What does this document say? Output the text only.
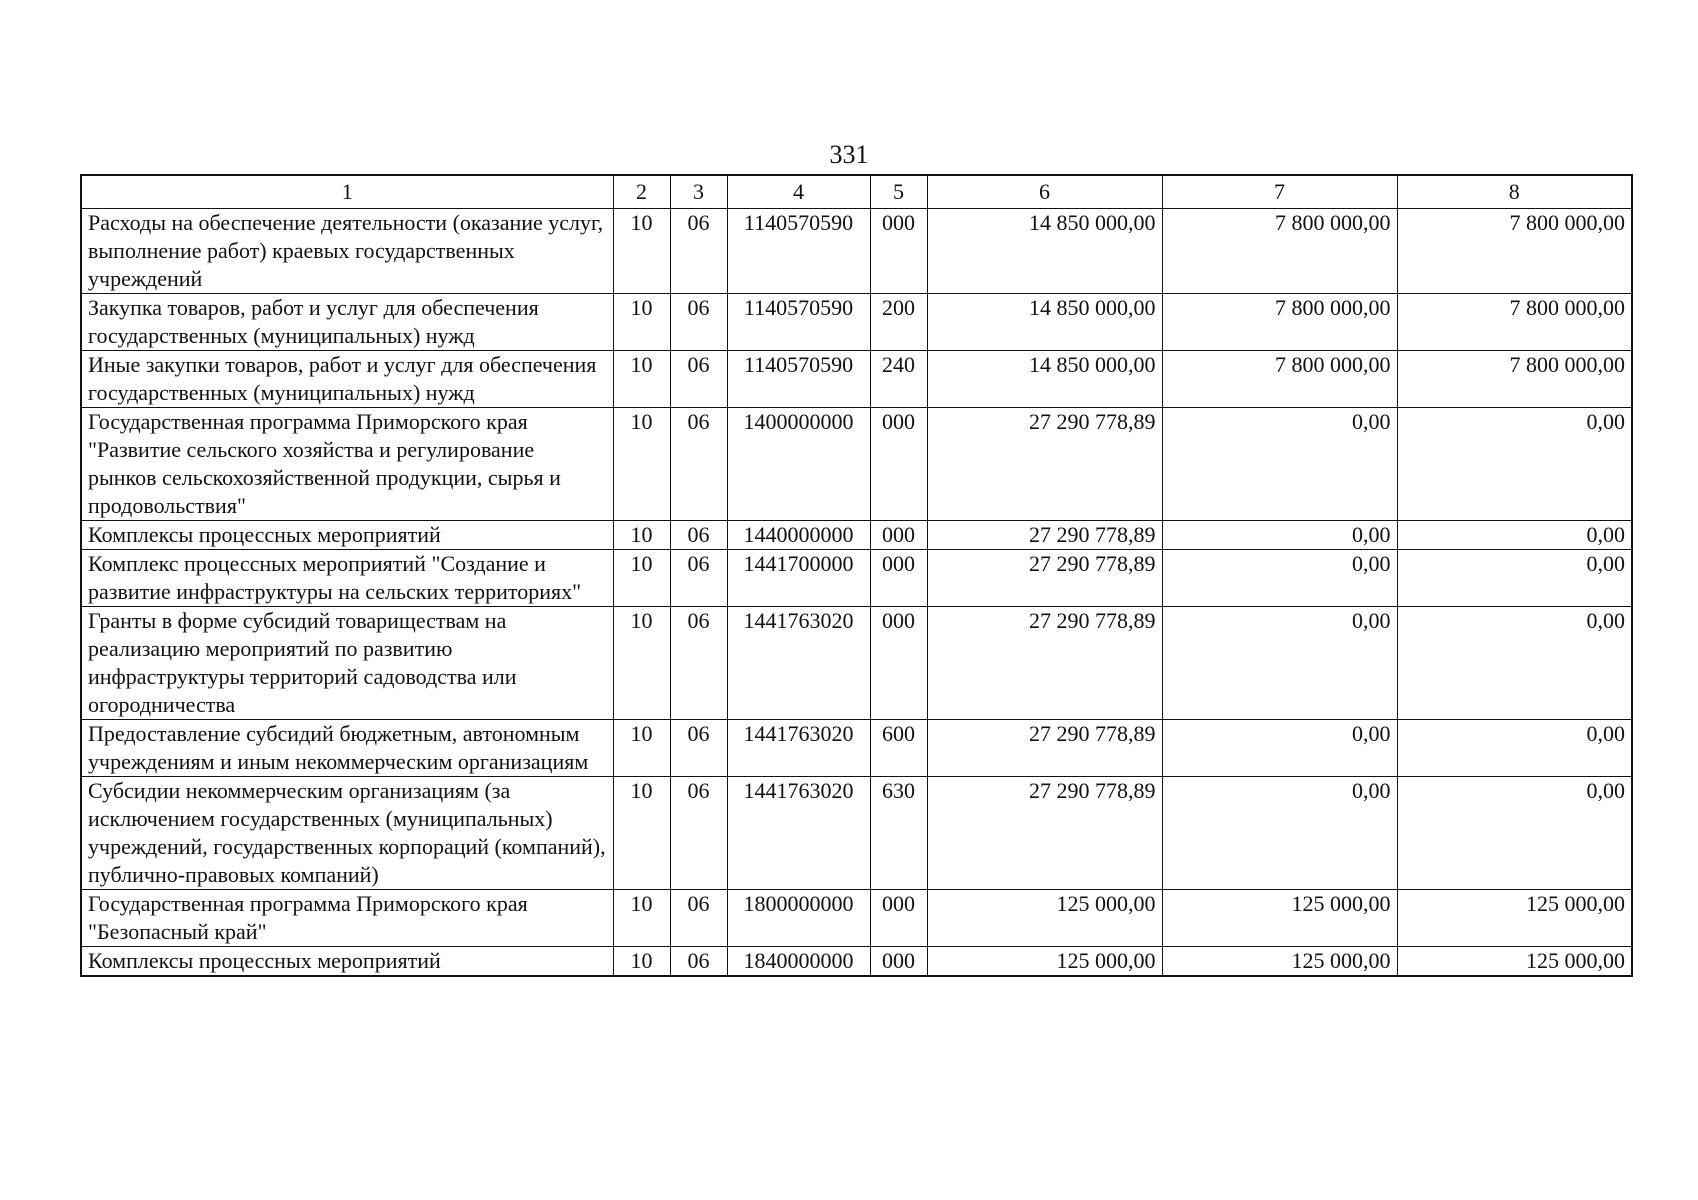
331
1	2	3	4	5	6	7	8
Расходы на обеспечение деятельности (оказание услуг, выполнение работ) краевых государственных учреждений	10	06	1140570590	000	14 850 000,00	7 800 000,00	7 800 000,00
Закупка товаров, работ и услуг для обеспечения государственных (муниципальных) нужд	10	06	1140570590	200	14 850 000,00	7 800 000,00	7 800 000,00
Иные закупки товаров, работ и услуг для обеспечения государственных (муниципальных) нужд	10	06	1140570590	240	14 850 000,00	7 800 000,00	7 800 000,00
Государственная программа Приморского края "Развитие сельского хозяйства и регулирование рынков сельскохозяйственной продукции, сырья и продовольствия"	10	06	1400000000	000	27 290 778,89	0,00	0,00
Комплексы процессных мероприятий	10	06	1440000000	000	27 290 778,89	0,00	0,00
Комплекс процессных мероприятий "Создание и развитие инфраструктуры на сельских территориях"	10	06	1441700000	000	27 290 778,89	0,00	0,00
Гранты в форме субсидий товариществам на реализацию мероприятий по развитию инфраструктуры территорий садоводства или огородничества	10	06	1441763020	000	27 290 778,89	0,00	0,00
Предоставление субсидий бюджетным, автономным учреждениям и иным некоммерческим организациям	10	06	1441763020	600	27 290 778,89	0,00	0,00
Субсидии некоммерческим организациям (за исключением государственных (муниципальных) учреждений, государственных корпораций (компаний), публично-правовых компаний)	10	06	1441763020	630	27 290 778,89	0,00	0,00
Государственная программа Приморского края "Безопасный край"	10	06	1800000000	000	125 000,00	125 000,00	125 000,00
Комплексы процессных мероприятий	10	06	1840000000	000	125 000,00	125 000,00	125 000,00
